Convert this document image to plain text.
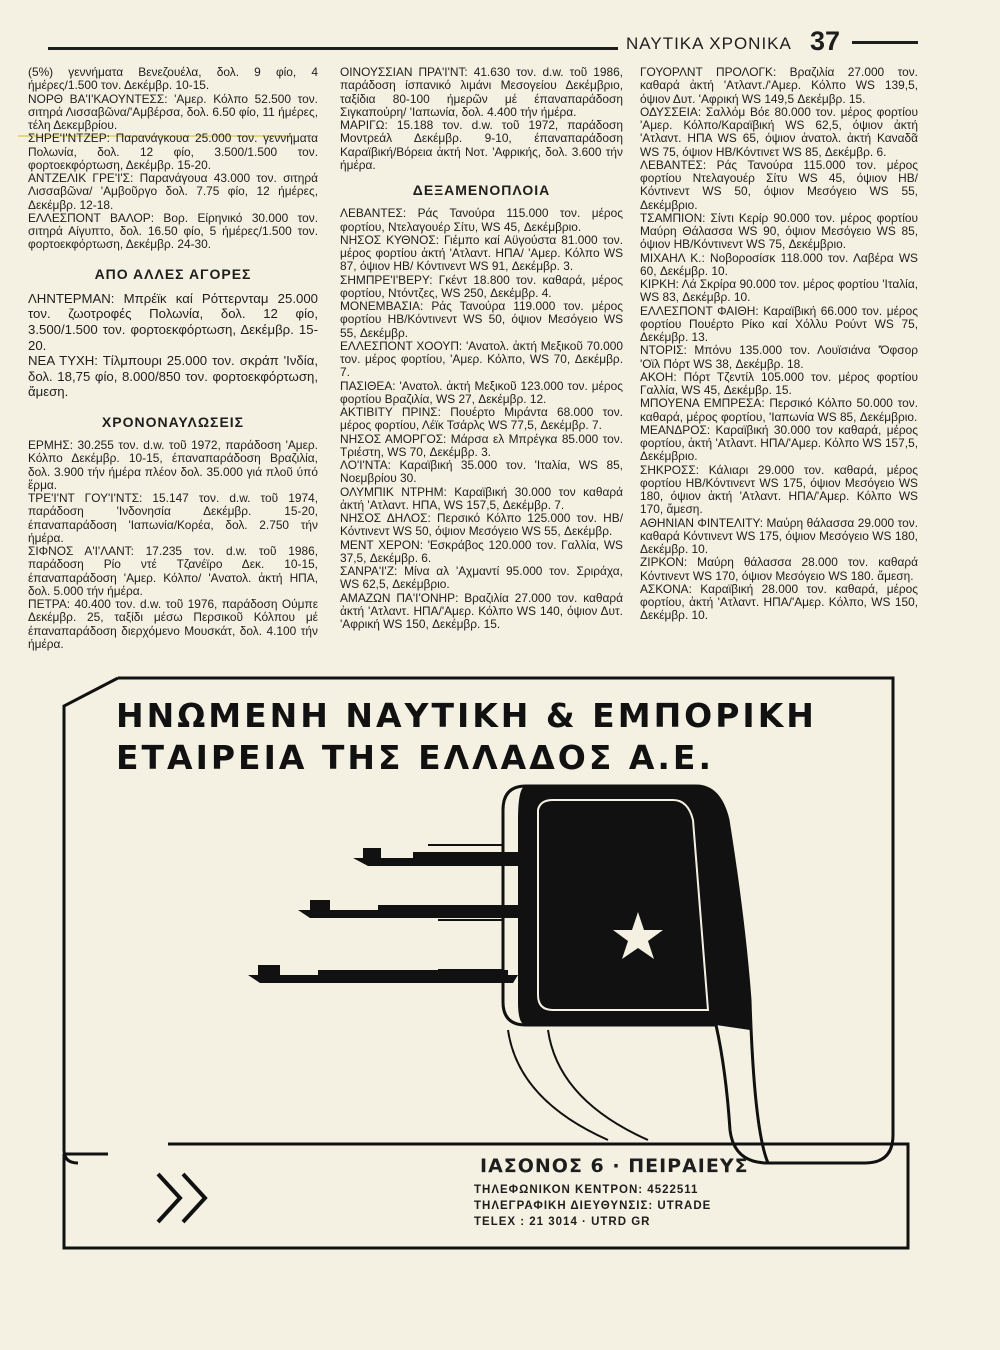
ΝΑΥΤΙΚΑ ΧΡΟΝΙΚΑ 37

(5%) γεννήματα Βενεζουέλα, δολ. 9 φίο, 4 ήμέρες/1.500 τον. Δεκέμβρ. 10-15.

ΝΟΡΘ ΒΑ'Ι'ΚΑΟΥΝΤΕΣΣ: 'Αμερ. Κόλπο 52.500 τον. σιτηρά Λισσαβῶνα/'Αμβέρσα, δολ. 6.50 φίο, 11 ήμέρες, τέλη Δεκεμβρίου.

ΣΗΡΕ'Ι'ΝΤΖΕΡ: Παρανάγκουα 25.000 τον. γεννήματα Πολωνία, δολ. 12 φίο, 3.500/1.500 τον. φορτοεκφόρτωση, Δεκέμβρ. 15-20.

ΑΝΤΖΕΛΙΚ ΓΡΕ'Ι'Σ: Παρανάγουα 43.000 τον. σιτηρά Λισσαβῶνα/ 'Αμβοῦργο δολ. 7.75 φίο, 12 ήμέρες, Δεκέμβρ. 12-18.

ΕΛΛΕΣΠΟΝΤ ΒΑΛΟΡ: Βορ. Είρηνικό 30.000 τον. σιτηρά Αίγυπτο, δολ. 16.50 φίο, 5 ήμέρες/1.500 τον. φορτοεκφόρτωση, Δεκέμβρ. 24-30.

ΑΠΟ ΑΛΛΕΣ ΑΓΟΡΕΣ

ΛΗΝΤΕΡΜΑΝ: Μπρέϊκ καί Ρόττερνταμ 25.000 τον. ζωοτροφές Πολωνία, δολ. 12 φίο, 3.500/1.500 τον. φορτοεκφόρτωση, Δεκέμβρ. 15-20.

ΝΕΑ ΤΥΧΗ: Τίλμπουρι 25.000 τον. σκράπ 'Ινδία, δολ. 18,75 φίο, 8.000/850 τον. φορτοεκφόρτωση, ἄμεση.

ΧΡΟΝΟΝΑΥΛΩΣΕΙΣ

ΕΡΜΗΣ: 30.255 τον. d.w. τοῦ 1972, παράδοση 'Αμερ. Κόλπο Δεκέμβρ. 10-15, έπαναπαράδοση Βραζιλία, δολ. 3.900 τήν ήμέρα πλέον δολ. 35.000 γιά πλοῦ ύπό ἕρμα.

ΤΡΕ'Ι'ΝΤ ΓΟΥ'Ι'ΝΤΣ: 15.147 τον. d.w. τοῦ 1974, παράδοση 'Ινδονησία Δεκέμβρ. 15-20, έπαναπαράδοση 'Ιαπωνία/Κορέα, δολ. 2.750 τήν ήμέρα.

ΣΙΦΝΟΣ Α'Ι'ΛΑΝΤ: 17.235 τον. d.w. τοῦ 1986, παράδοση Ρίο ντέ Τζανέϊρο Δεκ. 10-15, έπαναπαράδοση 'Αμερ. Κόλπο/ 'Ανατολ. ἀκτή ΗΠΑ, δολ. 5.000 τήν ήμέρα.

ΠΕΤΡΑ: 40.400 τον. d.w. τοῦ 1976, παράδοση Ούμπε Δεκέμβρ. 25, ταξίδι μέσω Περσικοῦ Κόλπου μέ έπαναπαράδοση διερχόμενο Μουσκάτ, δολ. 4.100 τήν ήμέρα.

ΟΙΝΟΥΣΣΙΑΝ ΠΡΑ'Ι'ΝΤ: 41.630 τον. d.w. τοῦ 1986, παράδοση ίσπανικό λιμάνι Μεσογείου Δεκέμβριο, ταξίδια 80-100 ήμερῶν μέ έπαναπαράδοση Σιγκαπούρη/ 'Ιαπωνία, δολ. 4.400 τήν ήμέρα.

ΜΑΡΙΓΩ: 15.188 τον. d.w. τοῦ 1972, παράδοση Μοντρεάλ Δεκέμβρ. 9-10, έπαναπαράδοση Καραϊβική/Βόρεια ἀκτή Νοτ. 'Αφρικής, δολ. 3.600 τήν ήμέρα.

ΔΕΞΑΜΕΝΟΠΛΟΙΑ

ΛΕΒΑΝΤΕΣ: Ράς Τανούρα 115.000 τον. μέρος φορτίου, Ντελαγουέρ Σίτυ, WS 45, Δεκέμβριο.

ΝΗΣΟΣ ΚΥΘΝΟΣ: Γιέμπο καί Αϋγούστα 81.000 τον. μέρος φορτίου ἀκτή 'Ατλαντ. ΗΠΑ/ 'Αμερ. Κόλπο WS 87, όψιον ΗΒ/ Κόντινεντ WS 91, Δεκέμβρ. 3.

ΣΗΜΠΡΕ'Ι'ΒΕΡΥ: Γκέντ 18.800 τον. καθαρά, μέρος φορτίου, Ντόντζες, WS 250, Δεκέμβρ. 4.

ΜΟΝΕΜΒΑΣΙΑ: Ράς Τανούρα 119.000 τον. μέρος φορτίου ΗΒ/Κόντινεντ WS 50, όψιον Μεσόγειο WS 55, Δεκέμβρ.

ΕΛΛΕΣΠΟΝΤ ΧΟΟΥΠ: 'Ανατολ. ἀκτή Μεξικοῦ 70.000 τον. μέρος φορτίου, 'Αμερ. Κόλπο, WS 70, Δεκέμβρ. 7.

ΠΑΣΙΘΕΑ: 'Ανατολ. ἀκτή Μεξικοῦ 123.000 τον. μέρος φορτίου Βραζιλία, WS 27, Δεκέμβρ. 12.

ΑΚΤΙΒΙΤΥ ΠΡΙΝΣ: Πουέρτο Μιράντα 68.000 τον. μέρος φορτίου, Λέϊκ Τσάρλς WS 77,5, Δεκέμβρ. 7.

ΝΗΣΟΣ ΑΜΟΡΓΟΣ: Μάρσα ελ Μπρέγκα 85.000 τον. Τριέστη, WS 70, Δεκέμβρ. 3.

ΛΟ'Ι'ΝΤΑ: Καραϊβική 35.000 τον. 'Ιταλία, WS 85, Νοεμβρίου 30.

ΟΛΥΜΠΙΚ ΝΤΡΗΜ: Καραϊβική 30.000 τον καθαρά ἀκτή 'Ατλαντ. ΗΠΑ, WS 157,5, Δεκέμβρ. 7.

ΝΗΣΟΣ ΔΗΛΟΣ: Περσικό Κόλπο 125.000 τον. ΗΒ/Κόντινεντ WS 50, όψιον Μεσόγειο WS 55, Δεκέμβρ.

ΜΕΝΤ ΧΕΡΟΝ: 'Εσκράβος 120.000 τον. Γαλλία, WS 37,5, Δεκέμβρ. 6.

ΣΑΝΡΑ'Ι'Ζ: Μίνα αλ 'Αχμαντί 95.000 τον. Σριράχα, WS 62,5, Δεκέμβριο.

ΑΜΑΖΩΝ ΠΑ'Ι'ΟΝΗΡ: Βραζιλία 27.000 τον. καθαρά ἀκτή 'Ατλαντ. ΗΠΑ/'Αμερ. Κόλπο WS 140, όψιον Δυτ. 'Αφρική WS 150, Δεκέμβρ. 15.

ΓΟΥΟΡΛΝΤ ΠΡΟΛΟΓΚ: Βραζιλία 27.000 τον. καθαρά ἀκτή 'Ατλαντ./'Αμερ. Κόλπο WS 139,5, όψιον Δυτ. 'Αφρική WS 149,5 Δεκέμβρ. 15.

ΟΔΥΣΣΕΙΑ: Σαλλόμ Βόε 80.000 τον. μέρος φορτίου 'Αμερ. Κόλπο/Καραϊβική WS 62,5, όψιον ἀκτή 'Ατλαντ. ΗΠΑ WS 65, όψιον ἀνατολ. ἀκτή Καναδᾶ WS 75, όψιον ΗΒ/Κόντινετ WS 85, Δεκέμβρ. 6.

ΛΕΒΑΝΤΕΣ: Ράς Τανούρα 115.000 τον. μέρος φορτίου Ντελαγουέρ Σίτυ WS 45, όψιον ΗΒ/Κόντινεντ WS 50, όψιον Μεσόγειο WS 55, Δεκέμβριο.

ΤΣΑΜΠΙΟΝ: Σίντι Κερίρ 90.000 τον. μέρος φορτίου Μαύρη Θάλασσα WS 90, όψιον Μεσόγειο WS 85, όψιον ΗΒ/Κόντινεντ WS 75, Δεκέμβριο.

ΜΙΧΑΗΛ Κ.: Νοβοροσίσκ 118.000 τον. Λαβέρα WS 60, Δεκέμβρ. 10.

ΚΙΡΚΗ: Λά Σκρίρα 90.000 τον. μέρος φορτίου 'Ιταλία, WS 83, Δεκέμβρ. 10.

ΕΛΛΕΣΠΟΝΤ ΦΑΙΘΗ: Καραϊβική 66.000 τον. μέρος φορτίου Πουέρτο Ρίκο καί Χόλλυ Ρούντ WS 75, Δεκέμβρ. 13.

ΝΤΟΡΙΣ: Μπόνυ 135.000 τον. Λουϊσιάνα 'Όφσορ 'Οϊλ Πόρτ WS 38, Δεκέμβρ. 18.

ΑΚΟΗ: Πόρτ Τζεντίλ 105.000 τον. μέρος φορτίου Γαλλία, WS 45, Δεκέμβρ. 15.

ΜΠΟΥΕΝΑ ΕΜΠΡΕΣΑ: Περσικό Κόλπο 50.000 τον. καθαρά, μέρος φορτίου, 'Ιαπωνία WS 85, Δεκέμβριο.

ΜΕΑΝΔΡΟΣ: Καραϊβική 30.000 τον καθαρά, μέρος φορτίου, ἀκτή 'Ατλαντ. ΗΠΑ/'Αμερ. Κόλπο WS 157,5, Δεκέμβριο.

ΣΗΚΡΟΣΣ: Κάλιαρι 29.000 τον. καθαρά, μέρος φορτίου ΗΒ/Κόντινεντ WS 175, όψιον Μεσόγειο WS 180, όψιον ἀκτή 'Ατλαντ. ΗΠΑ/'Αμερ. Κόλπο WS 170, ἄμεση.

ΑΘΗΝΙΑΝ ΦΙΝΤΕΛΙΤΥ: Μαύρη θάλασσα 29.000 τον. καθαρά Κόντινεντ WS 175, όψιον Μεσόγειο WS 180, Δεκέμβρ. 10.

ΖΙΡΚΟΝ: Μαύρη θάλασσα 28.000 τον. καθαρά Κόντινεντ WS 170, όψιον Μεσόγειο WS 180. ἄμεση.

ΑΣΚΟΝΑ: Καραϊβική 28.000 τον. καθαρά, μέρος φορτίου, ἀκτή 'Ατλαντ. ΗΠΑ/'Αμερ. Κόλπο, WS 150, Δεκέμβρ. 10.

ΗΝΩΜΕΝΗ ΝΑΥΤΙΚΗ & ΕΜΠΟΡΙΚΗ
ΕΤΑΙΡΕΙΑ ΤΗΣ ΕΛΛΑΔΟΣ Α.Ε.
ΙΑΣΟΝΟΣ 6 · ΠΕΙΡΑΙΕΥΣ
ΤΗΛΕΦΩΝΙΚΟΝ ΚΕΝΤΡΟΝ: 4522511
ΤΗΛΕΓΡΑΦΙΚΗ ΔΙΕΥΘΥΝΣΙΣ: UTRADE
TELEX : 21 3014 · UTRD GR
